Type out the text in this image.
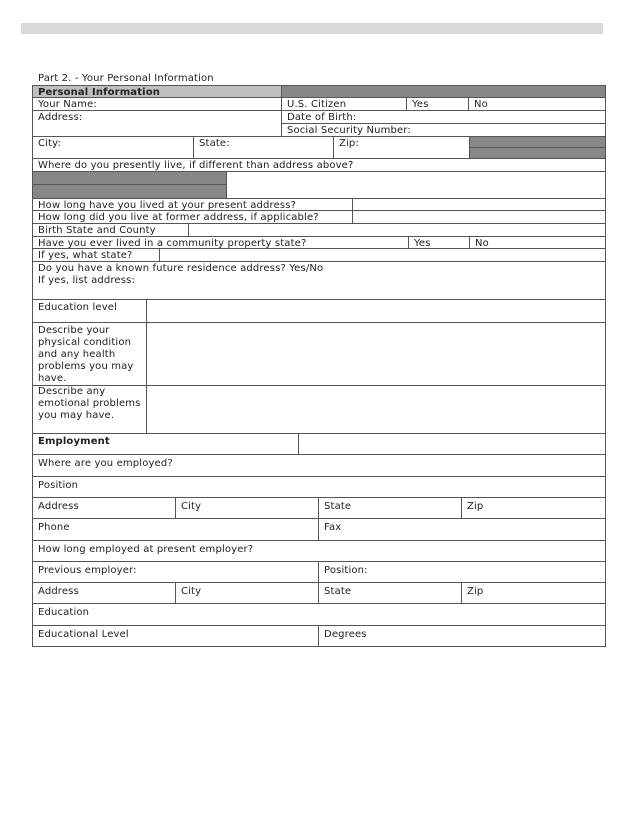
Part 2. - Your Personal Information
Personal Information
Your Name:	U.S. Citizen	Yes	No
Address:	Date of Birth:
Social Security Number:
City:	State:	Zip:
Where do you presently live, if different than address above?
How long have you lived at your present address?
How long did you live at former address, if applicable?
Birth State and County
Have you ever lived in a community property state?	Yes	No
If yes, what state?
Do you have a known future residence address? Yes/No
If yes, list address:
Education level
Describe your physical condition and any health problems you may have.
Describe any emotional problems you may have.
Employment
Where are you employed?
Position
Address	City	State	Zip
Phone	Fax
How long employed at present employer?
Previous employer:	Position:
Address	City	State	Zip
Education
Educational Level	Degrees
